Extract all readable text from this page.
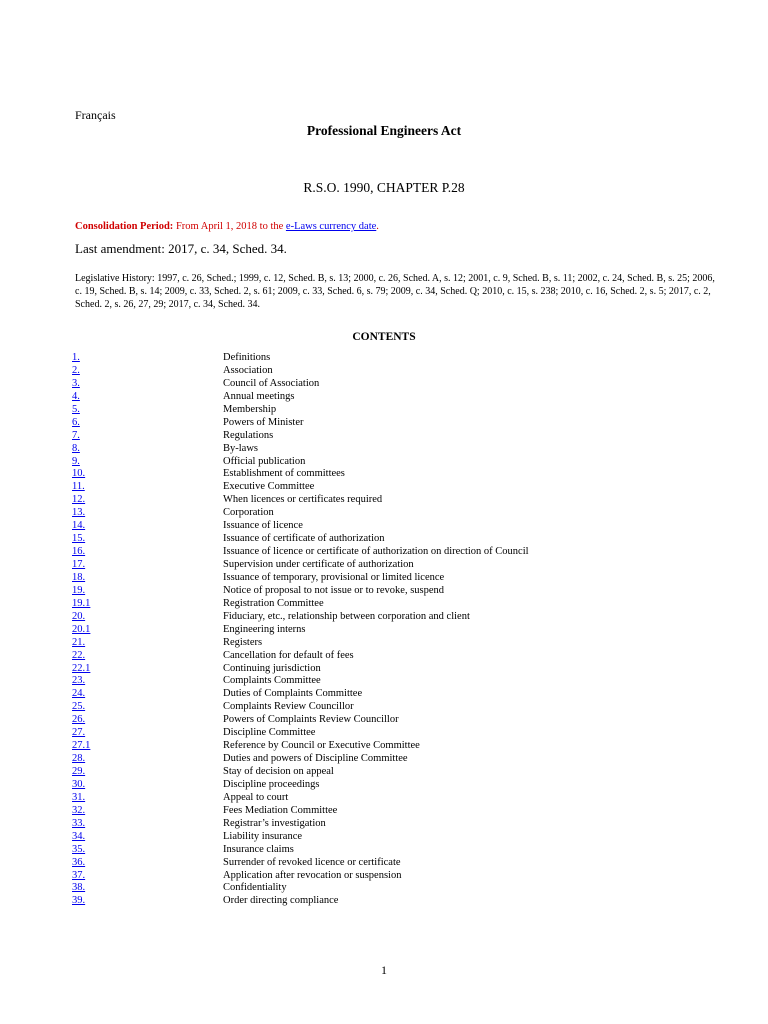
Français
Professional Engineers Act
R.S.O. 1990, CHAPTER P.28
Consolidation Period: From April 1, 2018 to the e-Laws currency date.
Last amendment: 2017, c. 34, Sched. 34.
Legislative History: 1997, c. 26, Sched.; 1999, c. 12, Sched. B, s. 13; 2000, c. 26, Sched. A, s. 12; 2001, c. 9, Sched. B, s. 11; 2002, c. 24, Sched. B, s. 25; 2006, c. 19, Sched. B, s. 14; 2009, c. 33, Sched. 2, s. 61; 2009, c. 33, Sched. 6, s. 79; 2009, c. 34, Sched. Q; 2010, c. 15, s. 238; 2010, c. 16, Sched. 2, s. 5; 2017, c. 2, Sched. 2, s. 26, 27, 29; 2017, c. 34, Sched. 34.
CONTENTS
1.	Definitions
2.	Association
3.	Council of Association
4.	Annual meetings
5.	Membership
6.	Powers of Minister
7.	Regulations
8.	By-laws
9.	Official publication
10.	Establishment of committees
11.	Executive Committee
12.	When licences or certificates required
13.	Corporation
14.	Issuance of licence
15.	Issuance of certificate of authorization
16.	Issuance of licence or certificate of authorization on direction of Council
17.	Supervision under certificate of authorization
18.	Issuance of temporary, provisional or limited licence
19.	Notice of proposal to not issue or to revoke, suspend
19.1	Registration Committee
20.	Fiduciary, etc., relationship between corporation and client
20.1	Engineering interns
21.	Registers
22.	Cancellation for default of fees
22.1	Continuing jurisdiction
23.	Complaints Committee
24.	Duties of Complaints Committee
25.	Complaints Review Councillor
26.	Powers of Complaints Review Councillor
27.	Discipline Committee
27.1	Reference by Council or Executive Committee
28.	Duties and powers of Discipline Committee
29.	Stay of decision on appeal
30.	Discipline proceedings
31.	Appeal to court
32.	Fees Mediation Committee
33.	Registrar’s investigation
34.	Liability insurance
35.	Insurance claims
36.	Surrender of revoked licence or certificate
37.	Application after revocation or suspension
38.	Confidentiality
39.	Order directing compliance
1
